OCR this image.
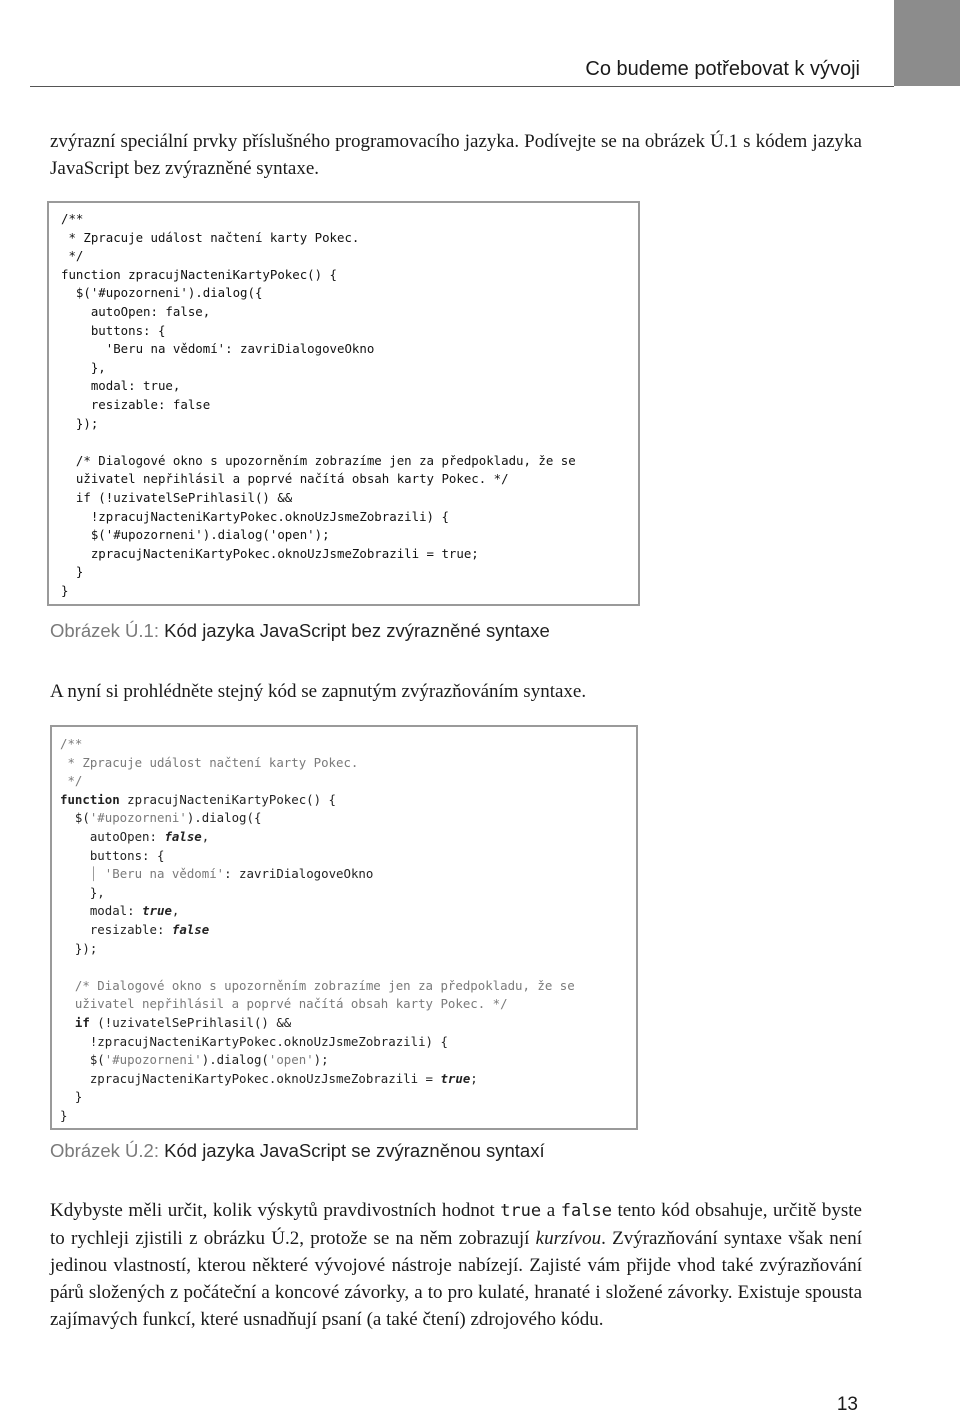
Co budeme potřebovat k vývoji

zvýrazní speciální prvky příslušného programovacího jazyka. Podívejte se na obrázek Ú.1 s kódem jazyka JavaScript bez zvýrazněné syntaxe.

/**
* Zpracuje událost načtení karty Pokec.
*/
function zpracujNacteniKartyPokec() {
$('#upozorneni').dialog({
autoOpen: false,
buttons: {
'Beru na vědomí': zavriDialogoveOkno
},
modal: true,
resizable: false
});

/* Dialogové okno s upozorněním zobrazíme jen za předpokladu, že se
uživatel nepřihlásil a poprvé načítá obsah karty Pokec. */
if (!uzivatelSePrihlasil() &&
!zpracujNacteniKartyPokec.oknoUzJsmeZobrazili) {
$('#upozorneni').dialog('open');
zpracujNacteniKartyPokec.oknoUzJsmeZobrazili = true;
}
}
Obrázek Ú.1: Kód jazyka JavaScript bez zvýrazněné syntaxe

A nyní si prohlédněte stejný kód se zapnutým zvýrazňováním syntaxe.

/**
* Zpracuje událost načtení karty Pokec.
*/
function zpracujNacteniKartyPokec() {
$('#upozorneni').dialog({
autoOpen: false,
buttons: {
│ 'Beru na vědomí': zavriDialogoveOkno
},
modal: true,
resizable: false
});

/* Dialogové okno s upozorněním zobrazíme jen za předpokladu, že se
uživatel nepřihlásil a poprvé načítá obsah karty Pokec. */
if (!uzivatelSePrihlasil() &&
!zpracujNacteniKartyPokec.oknoUzJsmeZobrazili) {
$('#upozorneni').dialog('open');
zpracujNacteniKartyPokec.oknoUzJsmeZobrazili = true;
}
}
Obrázek Ú.2: Kód jazyka JavaScript se zvýrazněnou syntaxí

Kdybyste měli určit, kolik výskytů pravdivostních hodnot true a false tento kód obsahuje, určitě byste to rychleji zjistili z obrázku Ú.2, protože se na něm zobrazují kurzívou. Zvýrazňování syntaxe však není jedinou vlastností, kterou některé vývojové nástroje nabízejí. Zajisté vám přijde vhod také zvýrazňování párů složených z počáteční a koncové závorky, a to pro kulaté, hranaté i složené závorky. Existuje spousta zajímavých funkcí, které usnadňují psaní (a také čtení) zdrojového kódu.

13
